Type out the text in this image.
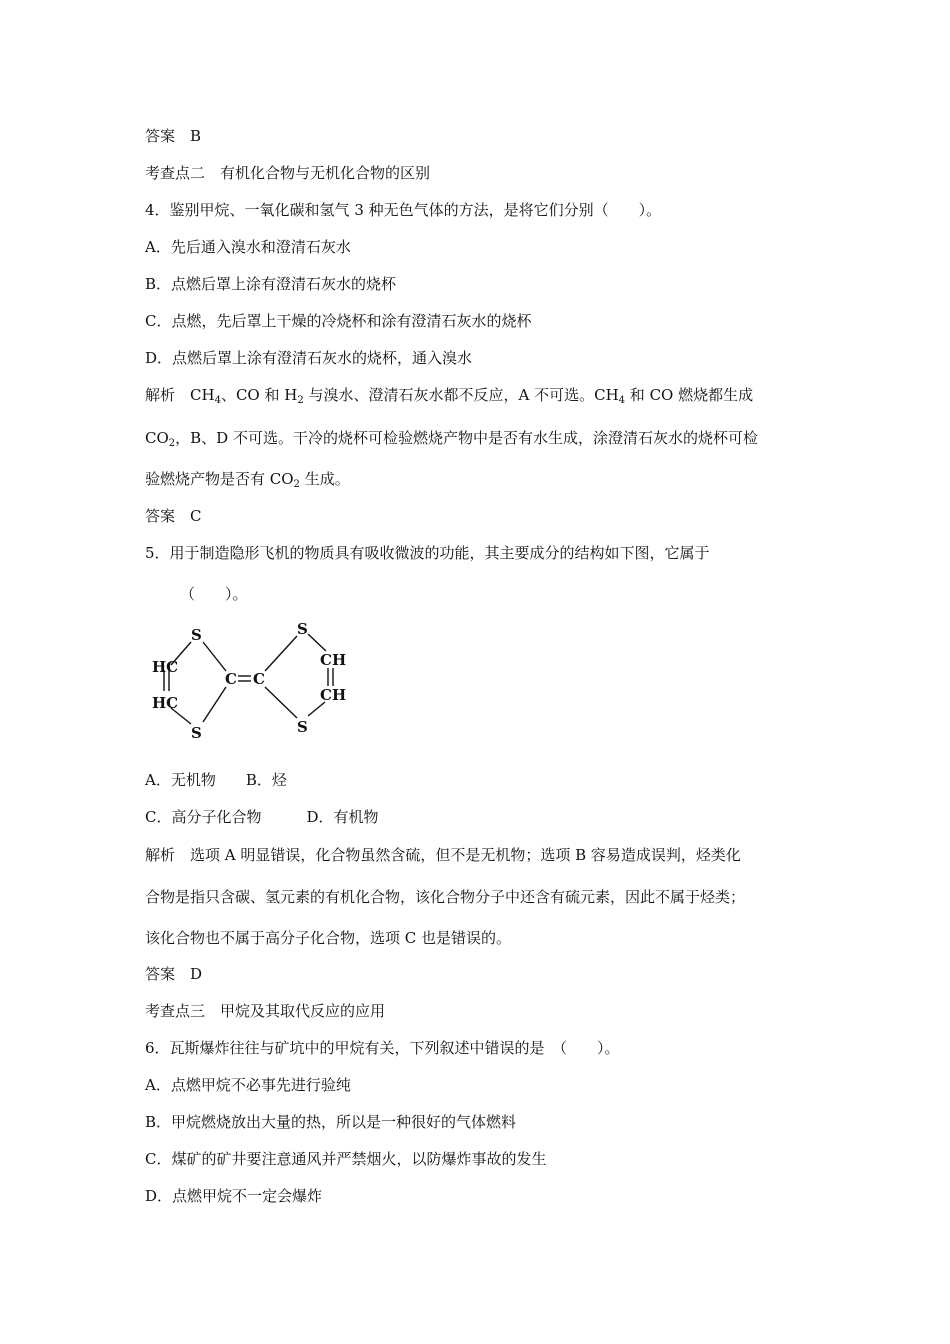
答案　B
考查点二　有机化合物与无机化合物的区别
4．鉴别甲烷、一氧化碳和氢气 3 种无色气体的方法，是将它们分别（　　）。
A．先后通入溴水和澄清石灰水
B．点燃后罩上涂有澄清石灰水的烧杯
C．点燃，先后罩上干燥的冷烧杯和涂有澄清石灰水的烧杯
D．点燃后罩上涂有澄清石灰水的烧杯，通入溴水
解析　$CH_4$、CO 和 $H_2$ 与溴水、澄清石灰水都不反应，A 不可选。$CH_4$ 和 CO 燃烧都生成
$CO_2$，B、D 不可选。干冷的烧杯可检验燃烧产物中是否有水生成，涂澄清石灰水的烧杯可检
验燃烧产物是否有 $CO_2$ 生成。
答案　C
5．用于制造隐形飞机的物质具有吸收微波的功能，其主要成分的结构如下图，它属于
（　　）。
S
HC
HC
S
C C
S
CH
CH
S
A．无机物　　B．烃
C．高分子化合物　　　D．有机物
解析　选项 A 明显错误，化合物虽然含硫，但不是无机物；选项 B 容易造成误判，烃类化
合物是指只含碳、氢元素的有机化合物，该化合物分子中还含有硫元素，因此不属于烃类；
该化合物也不属于高分子化合物，选项 C 也是错误的。
答案　D
考查点三　甲烷及其取代反应的应用
6．瓦斯爆炸往往与矿坑中的甲烷有关，下列叙述中错误的是　（　　）。
A．点燃甲烷不必事先进行验纯
B．甲烷燃烧放出大量的热，所以是一种很好的气体燃料
C．煤矿的矿井要注意通风并严禁烟火，以防爆炸事故的发生
D．点燃甲烷不一定会爆炸
